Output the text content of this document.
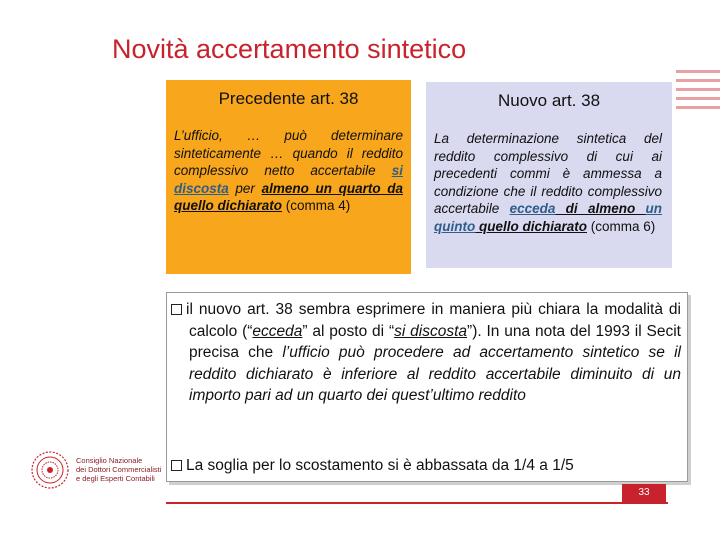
Novità accertamento sintetico
Precedente art. 38
L’ufficio, … può determinare sinteticamente … quando il reddito complessivo netto accertabile si discosta per almeno un quarto da quello dichiarato (comma 4)
Nuovo art. 38
La determinazione sintetica del reddito complessivo di cui ai precedenti commi è ammessa a condizione che il reddito complessivo accertabile ecceda di almeno un quinto quello dichiarato (comma 6)
il nuovo art. 38 sembra esprimere in maniera più chiara la modalità di calcolo (“ecceda” al posto di “si discosta”). In una nota del 1993 il Secit precisa che l’ufficio può procedere ad accertamento sintetico se il reddito dichiarato è inferiore al reddito accertabile diminuito di un importo pari ad un quarto dei quest’ultimo reddito
La soglia per lo scostamento si è abbassata da 1/4 a 1/5
Consiglio Nazionale
dei Dottori Commercialisti
e degli Esperti Contabili
33
